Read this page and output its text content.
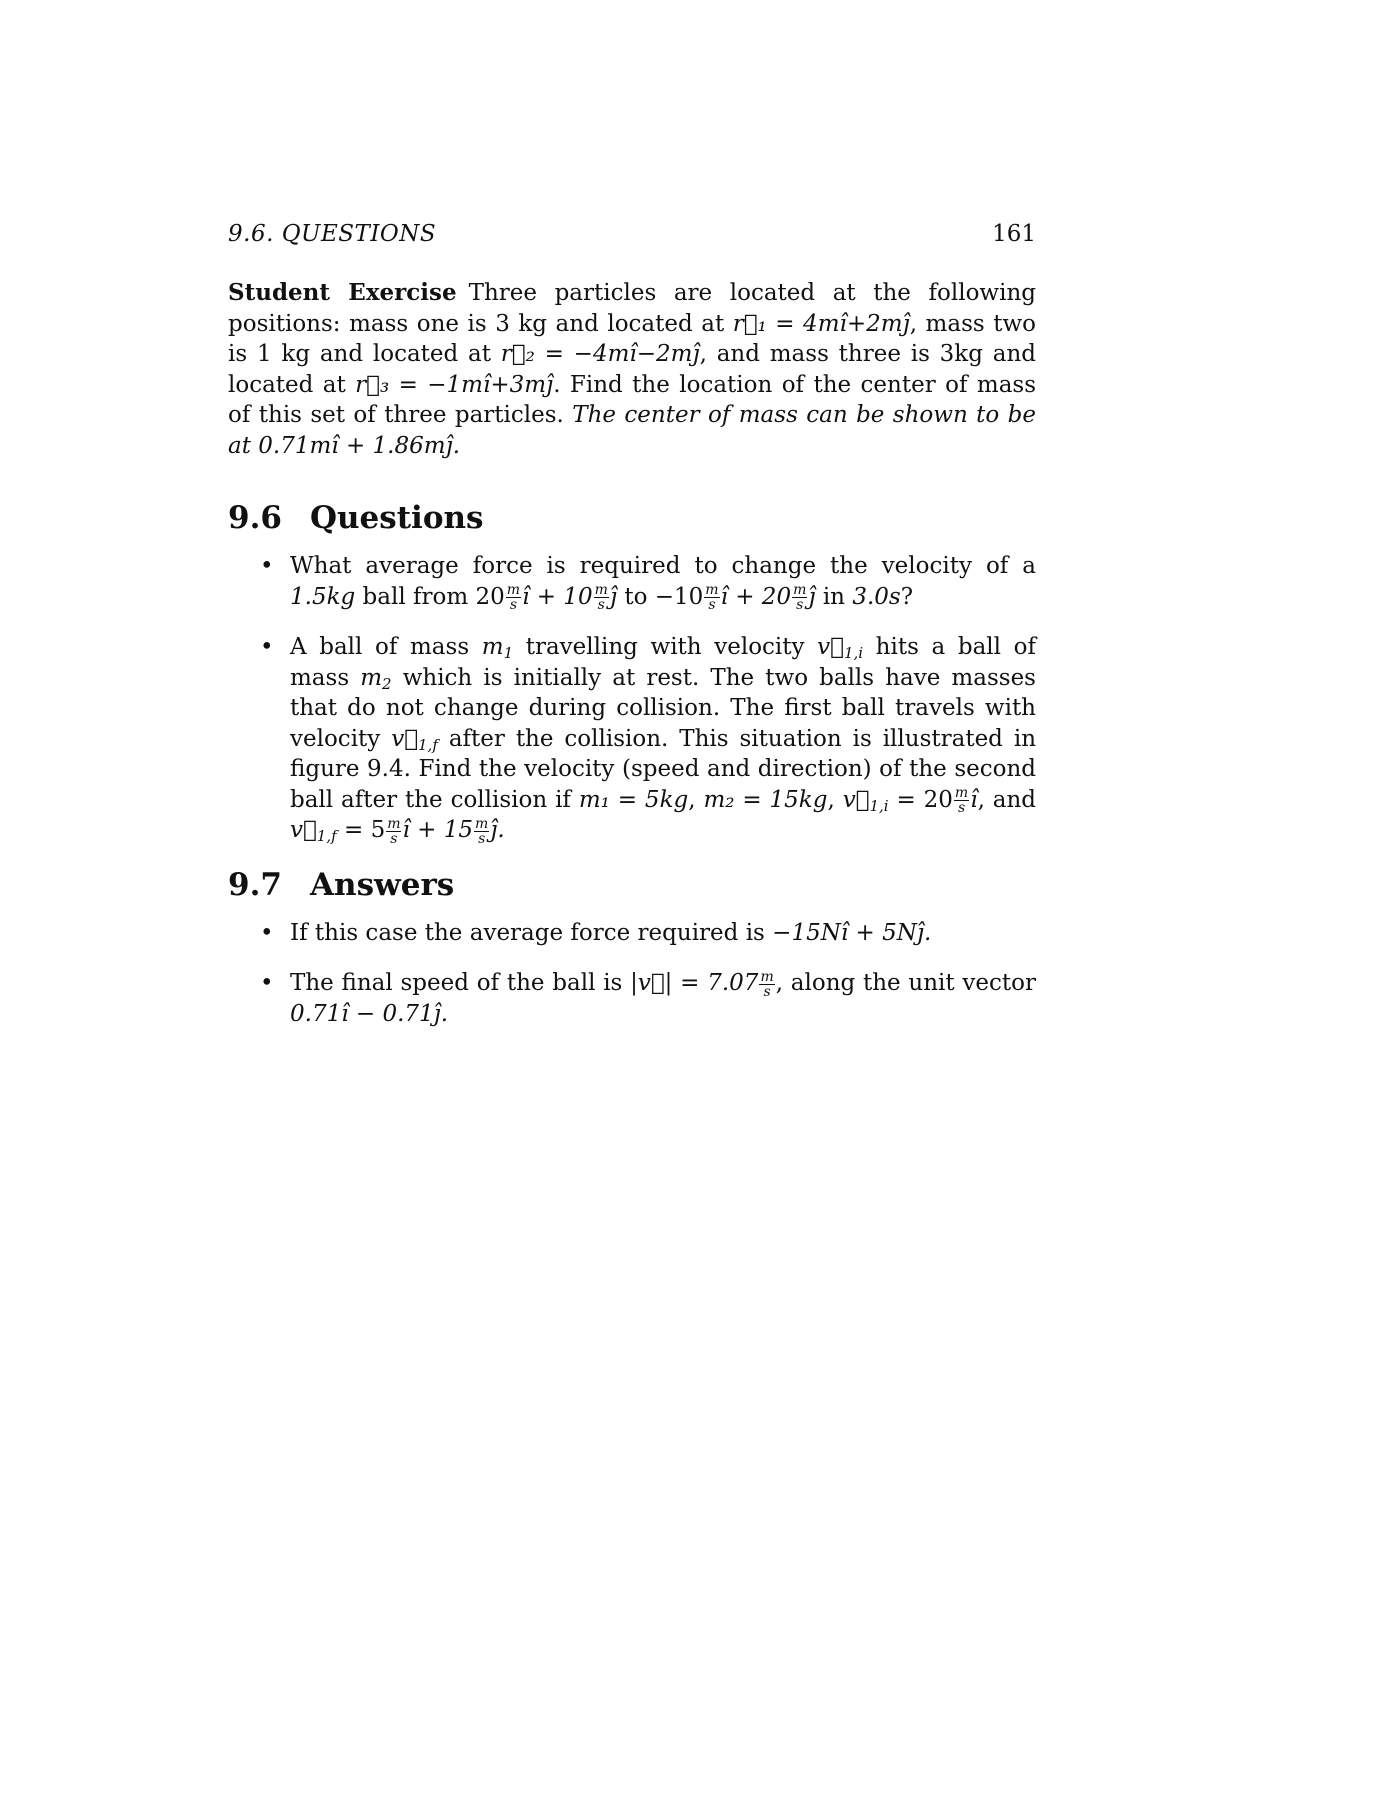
9.6. QUESTIONS	161

Student Exercise Three particles are located at the following positions: mass one is 3 kg and located at r⃗₁ = 4mî+2mĵ, mass two is 1 kg and located at r⃗₂ = −4mî−2mĵ, and mass three is 3kg and located at r⃗₃ = −1mî+3mĵ. Find the location of the center of mass of this set of three particles. The center of mass can be shown to be at 0.71mî + 1.86mĵ.

9.6 Questions
• What average force is required to change the velocity of a 1.5kg ball from $20 \frac{m}{s}$ î + $10 \frac{m}{s}$ ĵ to $-10 \frac{m}{s}$ î + $20 \frac{m}{s}$ ĵ in 3.0s?
• A ball of mass $m_1$ travelling with velocity $v⃗_{1,i}$ hits a ball of mass $m_2$ which is initially at rest. The two balls have masses that do not change during collision. The first ball travels with velocity $v⃗_{1,f}$ after the collision. This situation is illustrated in figure 9.4. Find the velocity (speed and direction) of the second ball after the collision if m₁ = 5kg, m₂ = 15kg, $v⃗_{1,i} = 20 \frac{m}{s}$ î, and $v⃗_{1,f} = 5 \frac{m}{s}$ î + $15 \frac{m}{s}$ ĵ.
9.7 Answers
• If this case the average force required is −15Nî + 5Nĵ.
• The final speed of the ball is |v⃗| = $7.07 \frac{m}{s}$ , along the unit vector 0.71î − 0.71ĵ.
